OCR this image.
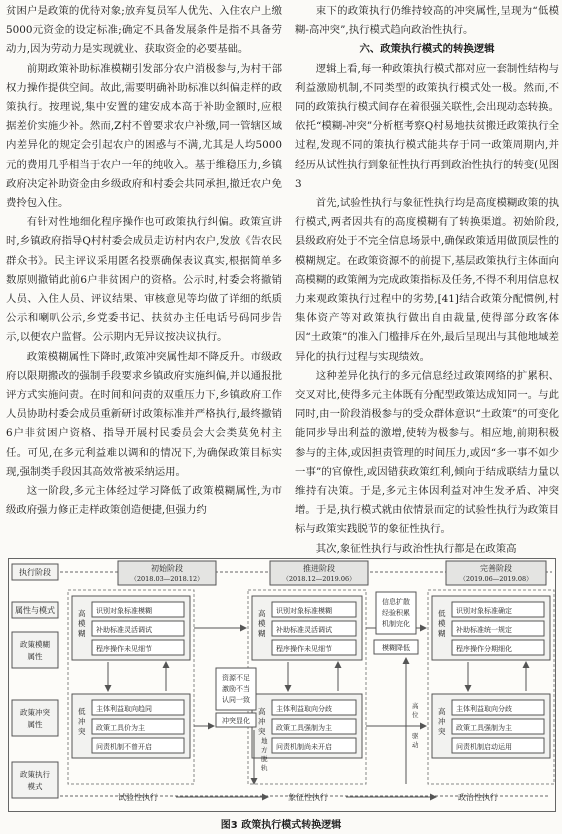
贫困户是政策的优待对象;放弃复员军人优先、入住农户上缴5000元资金的设定标准;确定不具备发展条件是指不具备劳动力,因为劳动力是实现就业、获取资金的必要基础。

前期政策补助标准模糊引发部分农户消极参与,为村干部权力操作提供空间。故此,需要明确补助标准以纠偏走样的政策执行。按理说,集中安置的建安成本高于补助金额时,应根据差价实施少补。然而,Z村不曾要求农户补缴,同一管辖区域内差异化的规定会引起农户的困惑与不满,尤其是人均5000元的费用几乎相当于农户一年的纯收入。基于维稳压力,乡镇政府决定补助资金由乡级政府和村委会共同承担,撤迁农户免费拎包入住。

有针对性地细化程序操作也可政策执行纠偏。政策宣讲时,乡镇政府指导Q村村委会成员走访村内农户,发放《告农民群众书》。民主评议采用匿名投票确保表议真实,根据简单多数原则撤销此前6户非贫困户的资格。公示时,村委会将撤销人员、入住人员、评议结果、审核意见等均做了详细的纸质公示和喇叭公示,乡党委书记、扶贫办主任电话号码同步告示,以便农户监督。公示期内无异议按决议执行。

政策模糊属性下降时,政策冲突属性却不降反升。市级政府以限期搬改的强制手段要求乡镇政府实施纠偏,并以通报批评方式实施问责。在时间和问责的双重压力下,乡镇政府工作人员协助村委会成员重新研讨政策标准并严格执行,最终撤销6户非贫困户资格、指导开展村民委员会大会类莫免村主任。可见,在多元利益难以调和的情况下,为确保政策目标实现,强制类手段因其高效常被采纳运用。

这一阶段,多元主体经过学习降低了政策模糊属性,为市级政府强力修正走样政策创造便捷,但强力约

束下的政策执行仍维持较高的冲突属性,呈现为“低模糊-高冲突”,执行模式趋向政治性执行。

六、政策执行模式的转换逻辑

逻辑上看,每一种政策执行模式都对应一套制性结构与利益激励机制,不同类型的政策执行模式处一极。然而,不同的政策执行模式间存在着很强关联性,会出现动态转换。依托“模糊-冲突”分析框考察Q村易地扶贫搬迁政策执行全过程,发现不同的策执行模式能共存于同一政策周期内,并经历从试性执行到象征性执行再到政治性执行的转变(见图3

首先,试验性执行与象征性执行均是高度模糊政策的执行模式,两者因共有的高度模糊有了转换渠道。初始阶段,县级政府处于不完全信息场景中,确保政策适用做顶层性的模糊规定。在政策资源不的前提下,基层政策执行主体面向高模糊的政策阐为完成政策指标及任务,不得不利用信息权力来观政策执行过程中的劣势,[41]结合政策分配惯例,村集体资产等对政策执行做出自由裁量,使得部分政客体因“土政策”的准入门槛排斥在外,最后呈现出与其他地域差异化的执行过程与实现绩效。

这种差异化执行的多元信息经过政策网络的扩累积、交叉对比,使得多元主体既有分配型政策达成知同一。与此同时,由一阶段消极参与的受众群体意识“土政策”的可变化能同步导出利益的激增,使转为极参与。相应地,前期积极参与的主体,或因担责管理的时间压力,或因“多一事不如少一事”的官僚性,或因错获政策红利,倾向于结成联结力量以维持有决策。于是,多元主体因利益对冲生发矛盾、冲突增。于是,执行模式就由依情景而定的试验性执行为政策目标与政策实践脱节的象征性执行。

其次,象征性执行与政治性执行都是在政策高

执行阶段
属性与模式
政策模糊
属性
政策冲突
属性
政策执行
模式
初始阶段
（2018.03—2018.12）
推进阶段
（2018.12—2019.06）
完善阶段
（2019.06—2019.08）
高
模
糊
识别对象标准模糊
补助标准灵活调试
程序操作未见细节
低
冲
突
主体利益取向趋同
政策工具价为主
问责机制不曾开启
高
模
糊
识别对象标准模糊
补助标准灵活调试
程序操作未见细节
高
冲
突
主体利益取向分歧
政策工具强制为主
问责机制尚未开启
低
模
糊
识别对象标准确定
补助标准统一规定
程序操作分期细化
高
冲
突
主体利益取向分歧
政策工具强制为主
问责机制启动运用
资源不足
激励不当
认同一致
冲突显化
地
方
脱
轨
信息扩散
经验积累
机制完化
模糊降低
高
位
驱
动
试验性执行	象征性执行	政治性执行
图3 政策执行模式转换逻辑
